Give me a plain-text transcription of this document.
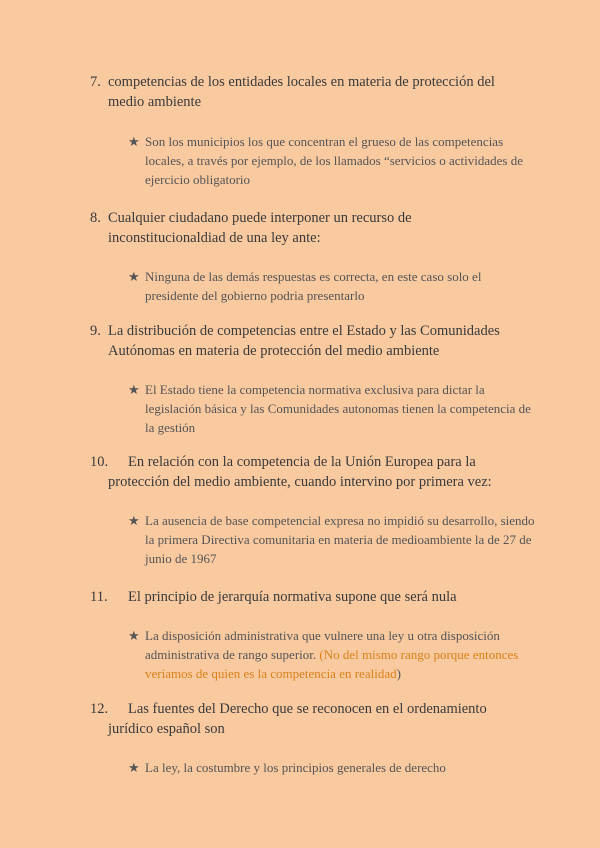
7. competencias de los entidades locales en materia de protección del medio ambiente
★ Son los municipios los que concentran el grueso de las competencias locales, a través por ejemplo, de los llamados “servicios o actividades de ejercicio obligatorio
8. Cualquier ciudadano puede interponer un recurso de inconstitucionaldiad de una ley ante:
★ Ninguna de las demás respuestas es correcta, en este caso solo el presidente del gobierno podria presentarlo
9. La distribución de competencias entre el Estado y las Comunidades Autónomas en materia de protección del medio ambiente
★ El Estado tiene la competencia normativa exclusiva para dictar la legislación básica y las Comunidades autonomas tienen la competencia de la gestión
10.	En relación con la competencia de la Unión Europea para la protección del medio ambiente, cuando intervino por primera vez:
★ La ausencia de base competencial expresa no impidió su desarrollo, siendo la primera Directiva comunitaria en materia de medioambiente la de 27 de junio de 1967
11.	El principio de jerarquía normativa supone que será nula
★ La disposición administrativa que vulnere una ley u otra disposición administrativa de rango superior. (No del mismo rango porque entonces veriamos de quien es la competencia en realidad)
12.	Las fuentes del Derecho que se reconocen en el ordenamiento jurídico español son
★ La ley, la costumbre y los principios generales de derecho
